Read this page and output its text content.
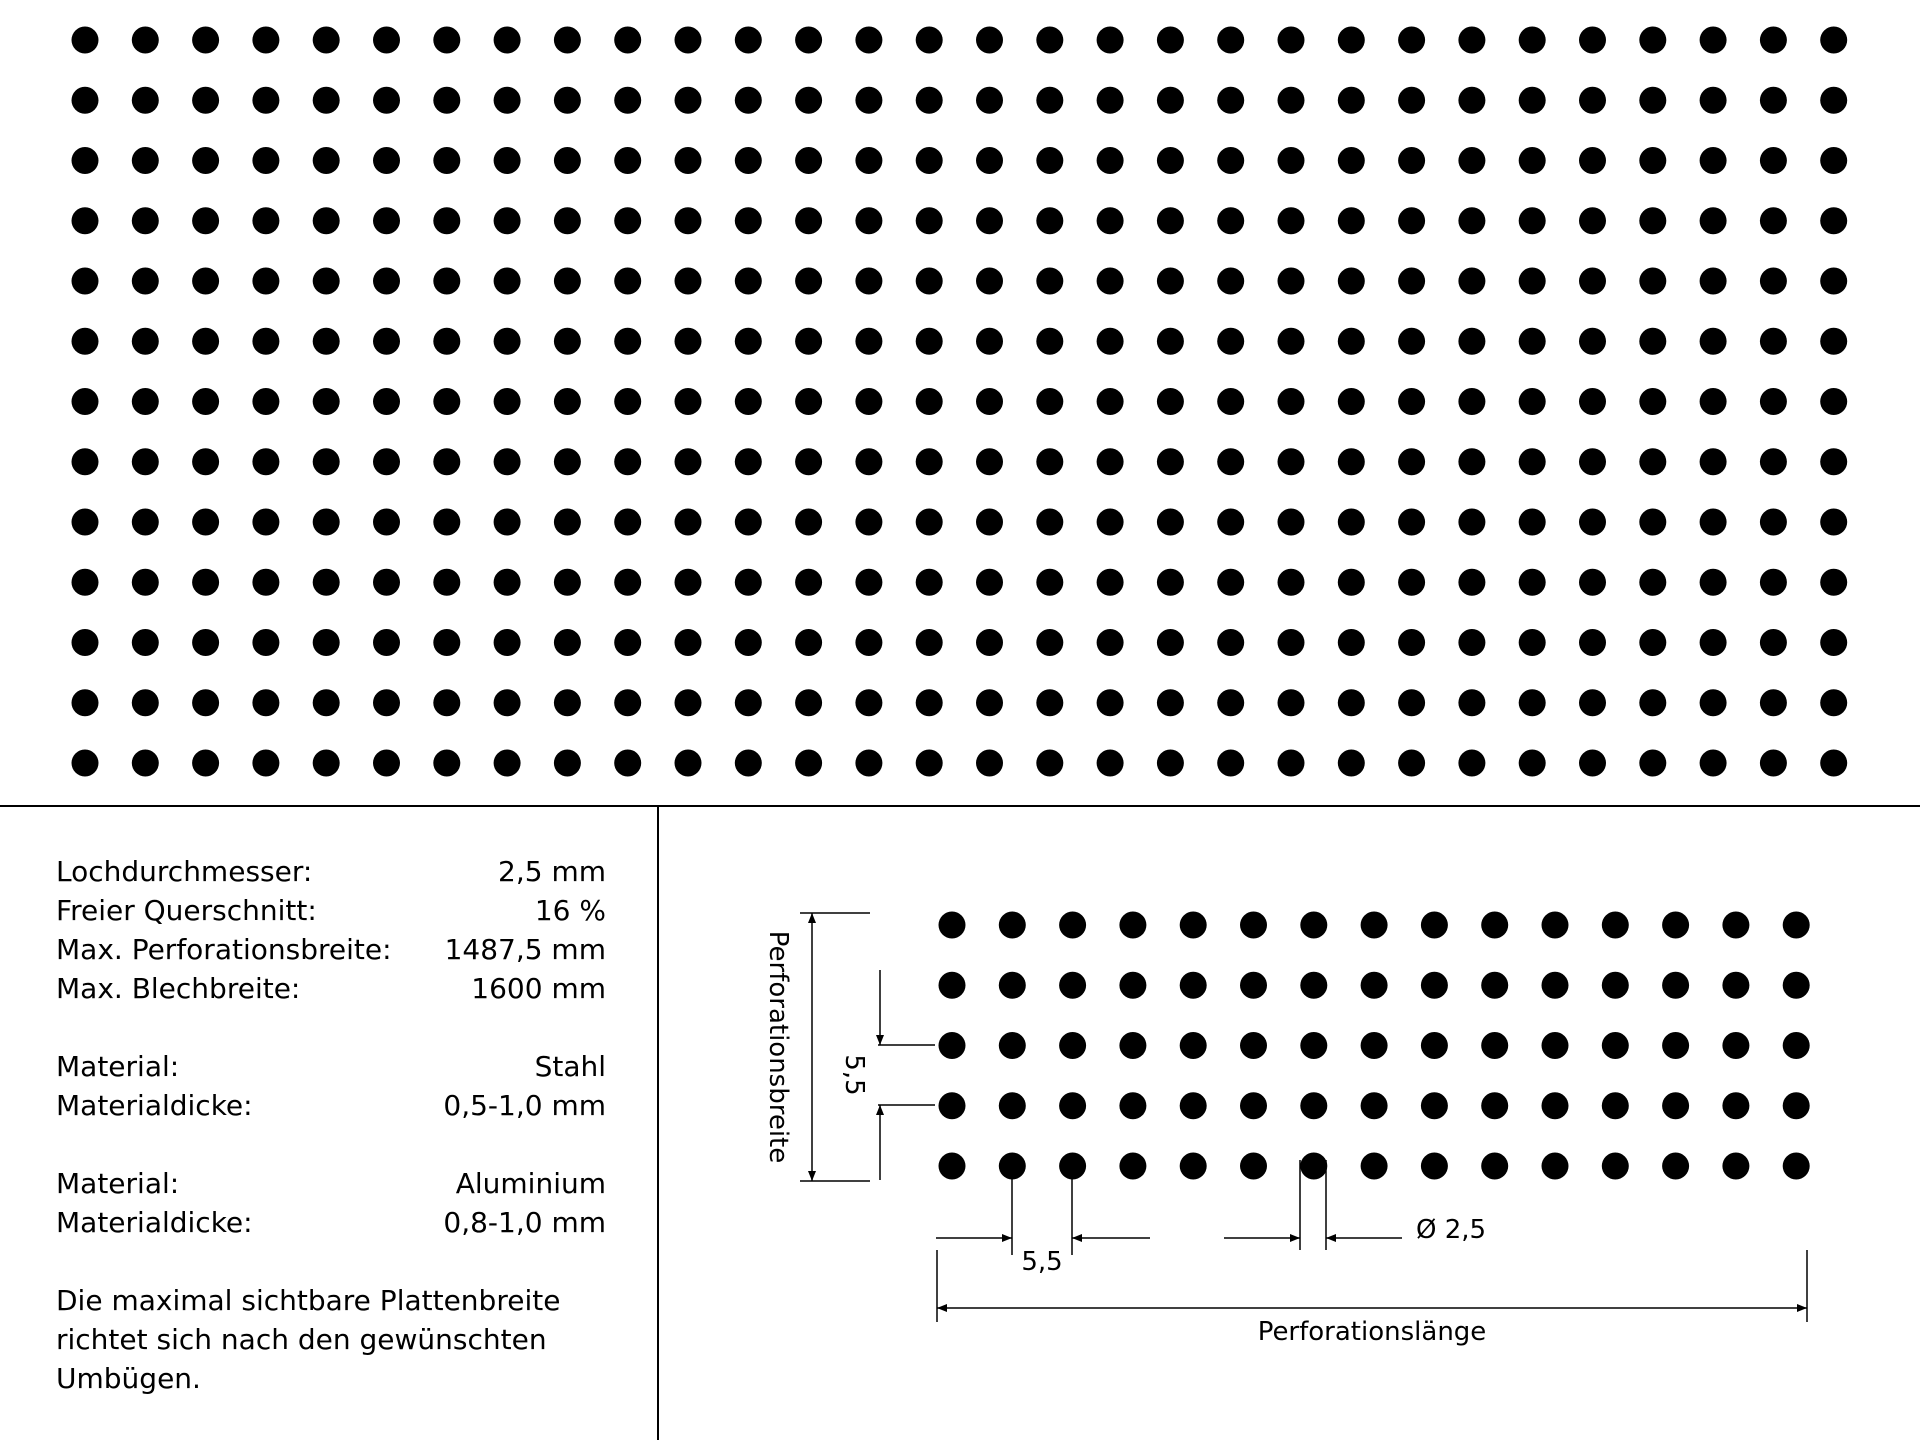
Lochdurchmesser:	2,5 mm
Freier Querschnitt:	16 %
Max. Perforationsbreite: 1487,5 mm
Max. Blechbreite:	1600 mm
Material:	Stahl
Materialdicke:	0,5-1,0 mm
Material:	Aluminium
Materialdicke:	0,8-1,0 mm
Die maximal sichtbare Plattenbreite richtet sich nach den gewünschten Umbügen.
Perforationsbreite 5,5
5,5
Ø 2,5
Perforationslänge
